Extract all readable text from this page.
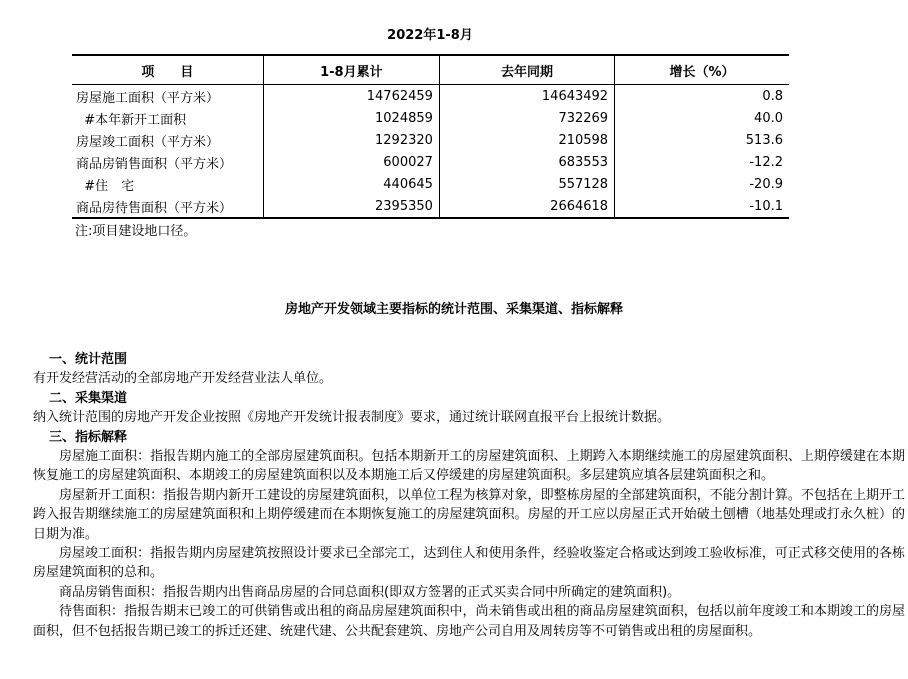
2022年1-8月
项　　目	1-8月累计	去年同期	增长（%）
房屋施工面积（平方米）	14762459	14643492	0.8
#本年新开工面积	1024859	732269	40.0
房屋竣工面积（平方米）	1292320	210598	513.6
商品房销售面积（平方米）	600027	683553	-12.2
#住　宅	440645	557128	-20.9
商品房待售面积（平方米）	2395350	2664618	-10.1
注:项目建设地口径。
房地产开发领域主要指标的统计范围、采集渠道、指标解释

一、统计范围

有开发经营活动的全部房地产开发经营业法人单位。

二、采集渠道

纳入统计范围的房地产开发企业按照《房地产开发统计报表制度》要求，通过统计联网直报平台上报统计数据。

三、指标解释

房屋施工面积：指报告期内施工的全部房屋建筑面积。包括本期新开工的房屋建筑面积、上期跨入本期继续施工的房屋建筑面积、上期停缓建在本期恢复施工的房屋建筑面积、本期竣工的房屋建筑面积以及本期施工后又停缓建的房屋建筑面积。多层建筑应填各层建筑面积之和。

房屋新开工面积：指报告期内新开工建设的房屋建筑面积，以单位工程为核算对象，即整栋房屋的全部建筑面积，不能分割计算。不包括在上期开工跨入报告期继续施工的房屋建筑面积和上期停缓建而在本期恢复施工的房屋建筑面积。房屋的开工应以房屋正式开始破土刨槽（地基处理或打永久桩）的日期为准。

房屋竣工面积：指报告期内房屋建筑按照设计要求已全部完工，达到住人和使用条件，经验收鉴定合格或达到竣工验收标准，可正式移交使用的各栋房屋建筑面积的总和。

商品房销售面积：指报告期内出售商品房屋的合同总面积(即双方签署的正式买卖合同中所确定的建筑面积)。

待售面积：指报告期末已竣工的可供销售或出租的商品房屋建筑面积中，尚未销售或出租的商品房屋建筑面积，包括以前年度竣工和本期竣工的房屋面积，但不包括报告期已竣工的拆迁还建、统建代建、公共配套建筑、房地产公司自用及周转房等不可销售或出租的房屋面积。
